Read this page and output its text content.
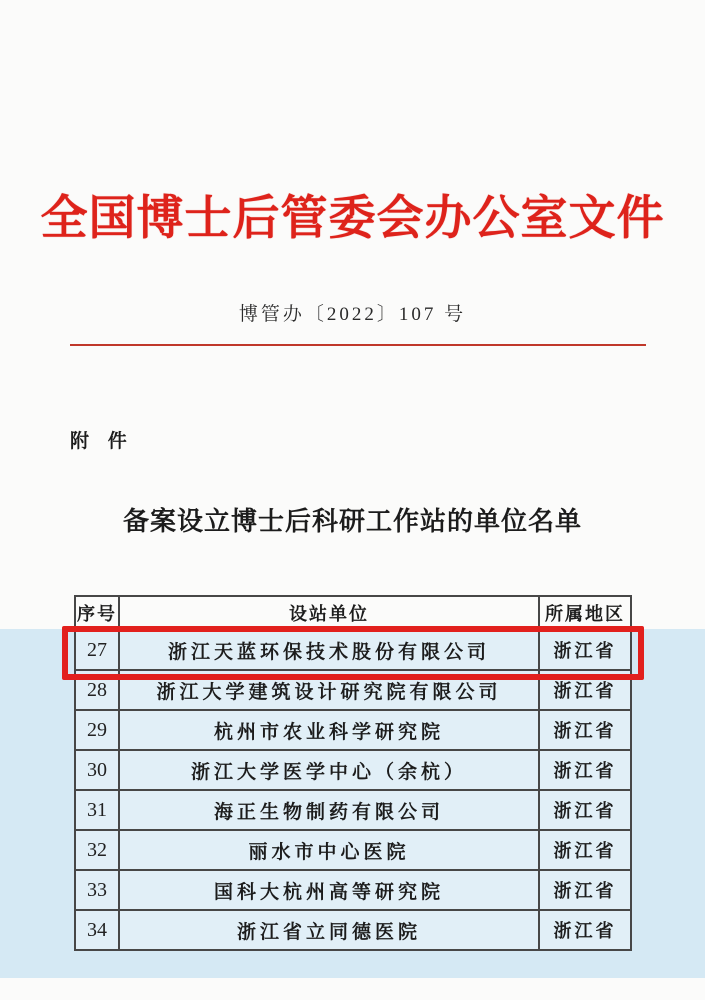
全国博士后管委会办公室文件
博管办〔2022〕107 号
附 件
备案设立博士后科研工作站的单位名单
序号	设站单位	所属地区
27	浙江天蓝环保技术股份有限公司	浙江省
28	浙江大学建筑设计研究院有限公司	浙江省
29	杭州市农业科学研究院	浙江省
30	浙江大学医学中心（余杭）	浙江省
31	海正生物制药有限公司	浙江省
32	丽水市中心医院	浙江省
33	国科大杭州高等研究院	浙江省
34	浙江省立同德医院	浙江省
